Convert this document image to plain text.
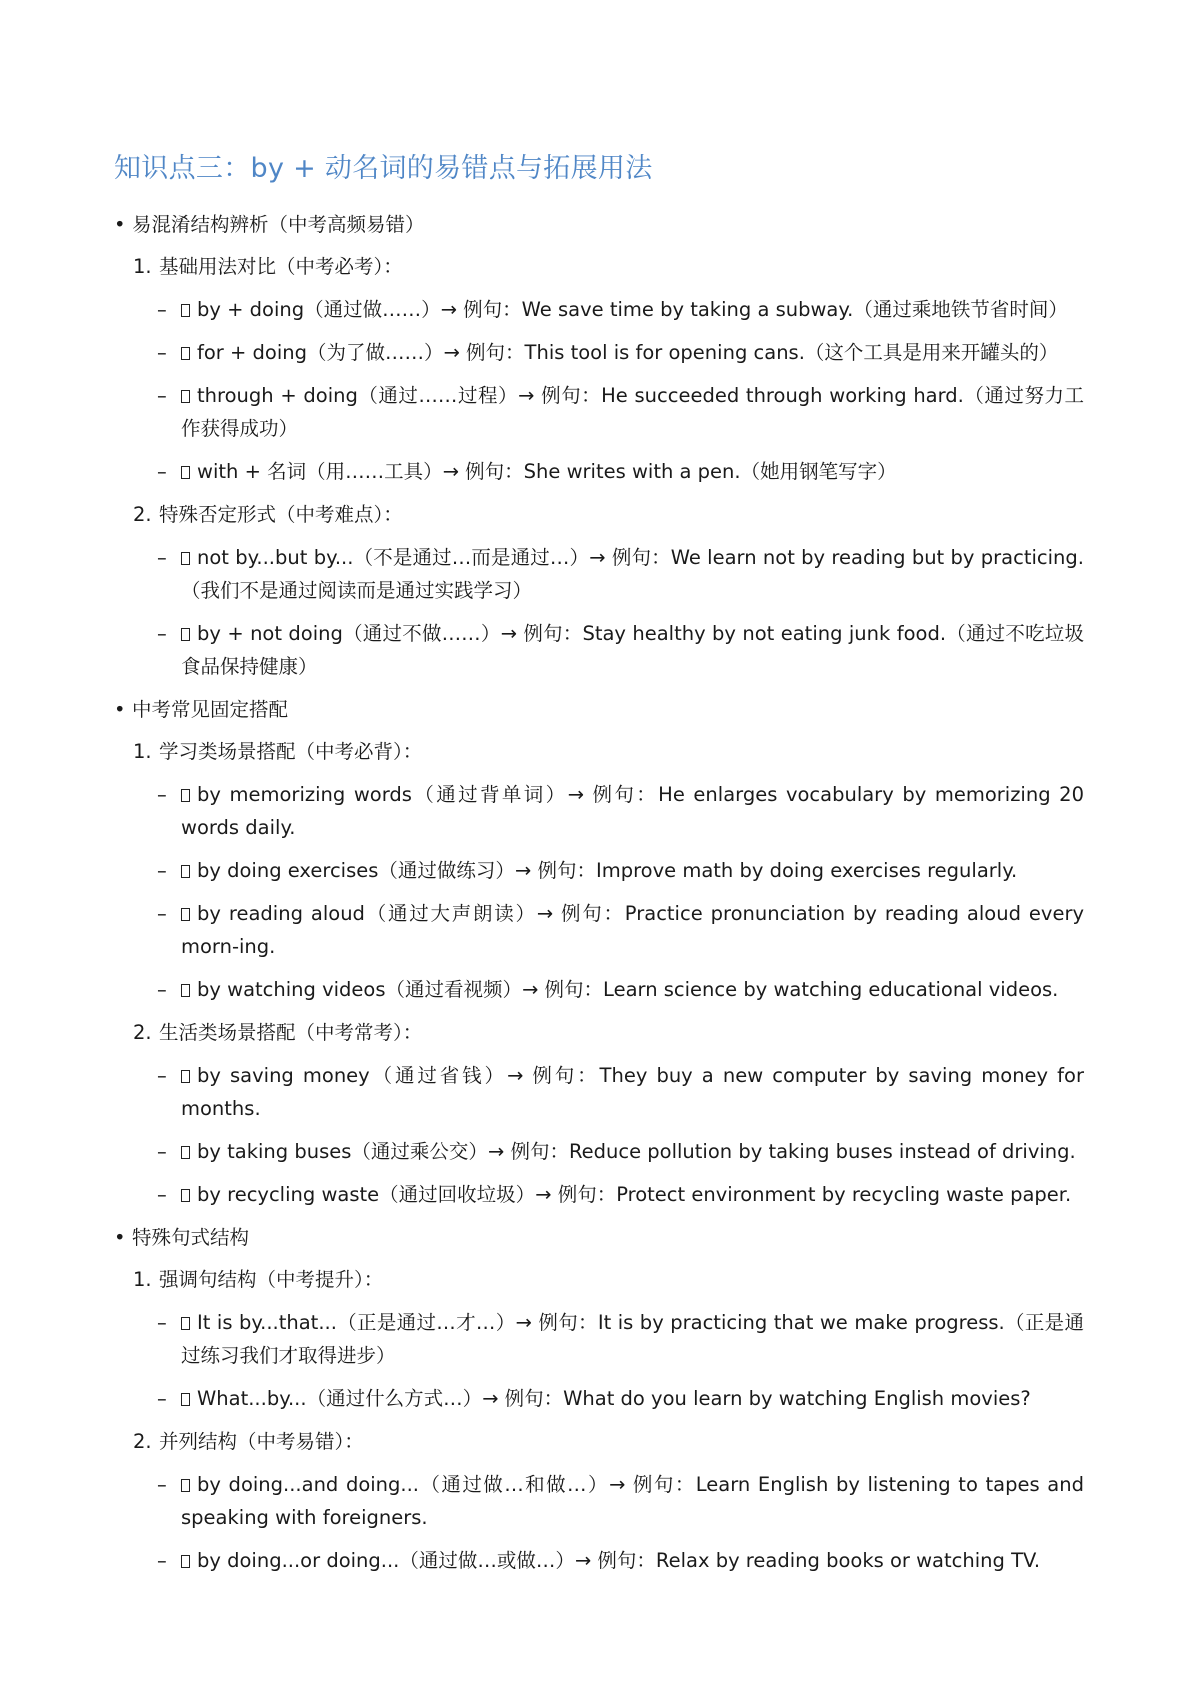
知识点三：by + 动名词的易错点与拓展用法
• 易混淆结构辨析（中考高频易错）
1. 基础用法对比（中考必考）：
– by + doing（通过做……）→ 例句：We save time by taking a subway.（通过乘地铁节省时间）
– for + doing（为了做……）→ 例句：This tool is for opening cans.（这个工具是用来开罐头的）
– through + doing（通过……过程）→ 例句：He succeeded through working hard.（通过努力工作获得成功）
– with + 名词（用……工具）→ 例句：She writes with a pen.（她用钢笔写字）
2. 特殊否定形式（中考难点）：
– not by...but by...（不是通过…而是通过…）→ 例句：We learn not by reading but by practicing.（我们不是通过阅读而是通过实践学习）
– by + not doing（通过不做……）→ 例句：Stay healthy by not eating junk food.（通过不吃垃圾食品保持健康）
• 中考常见固定搭配
1. 学习类场景搭配（中考必背）：
– by memorizing words（通过背单词）→ 例句：He enlarges vocabulary by memorizing 20 words daily.
– by doing exercises（通过做练习）→ 例句：Improve math by doing exercises regularly.
– by reading aloud（通过大声朗读）→ 例句：Practice pronunciation by reading aloud every morn-ing.
– by watching videos（通过看视频）→ 例句：Learn science by watching educational videos.
2. 生活类场景搭配（中考常考）：
– by saving money（通过省钱）→ 例句：They buy a new computer by saving money for months.
– by taking buses（通过乘公交）→ 例句：Reduce pollution by taking buses instead of driving.
– by recycling waste（通过回收垃圾）→ 例句：Protect environment by recycling waste paper.
• 特殊句式结构
1. 强调句结构（中考提升）：
– It is by...that...（正是通过…才…）→ 例句：It is by practicing that we make progress.（正是通过练习我们才取得进步）
– What...by...（通过什么方式…）→ 例句：What do you learn by watching English movies?
2. 并列结构（中考易错）：
– by doing...and doing...（通过做…和做…）→ 例句：Learn English by listening to tapes and speaking with foreigners.
– by doing...or doing...（通过做…或做…）→ 例句：Relax by reading books or watching TV.
